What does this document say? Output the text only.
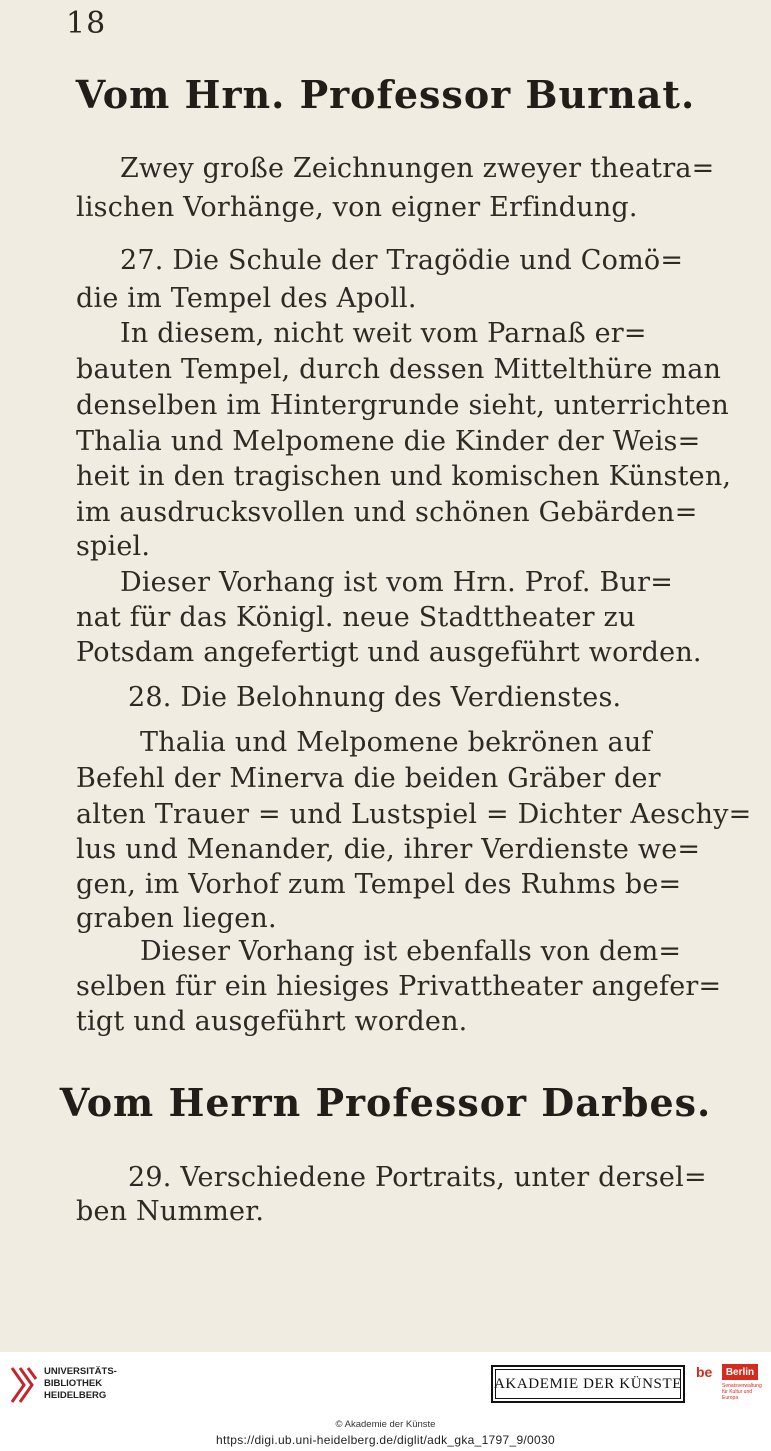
18
Vom Hrn. Professor Burnat.
Zwey große Zeichnungen zweyer theatra=
lischen Vorhänge, von eigner Erfindung.
27. Die Schule der Tragödie und Comö=
die im Tempel des Apoll.
In diesem, nicht weit vom Parnaß er=
bauten Tempel, durch dessen Mittelthüre man
denselben im Hintergrunde sieht, unterrichten
Thalia und Melpomene die Kinder der Weis=
heit in den tragischen und komischen Künsten,
im ausdrucksvollen und schönen Gebärden=
spiel.
Dieser Vorhang ist vom Hrn. Prof. Bur=
nat für das Königl. neue Stadttheater zu
Potsdam angefertigt und ausgeführt worden.
28. Die Belohnung des Verdienstes.
Thalia und Melpomene bekrönen auf
Befehl der Minerva die beiden Gräber der
alten Trauer = und Lustspiel = Dichter Aeschy=
lus und Menander, die, ihrer Verdienste we=
gen, im Vorhof zum Tempel des Ruhms be=
graben liegen.
Dieser Vorhang ist ebenfalls von dem=
selben für ein hiesiges Privattheater angefer=
tigt und ausgeführt worden.
Vom Herrn Professor Darbes.
29. Verschiedene Portraits, unter dersel=
ben Nummer.
UNIVERSITÄTS-
BIBLIOTHEK
HEIDELBERG
AKADEMIE DER KÜNSTE
be	Berlin
Senatsverwaltung für Kultur und Europa
© Akademie der Künste
https://digi.ub.uni-heidelberg.de/diglit/adk_gka_1797_9/0030
